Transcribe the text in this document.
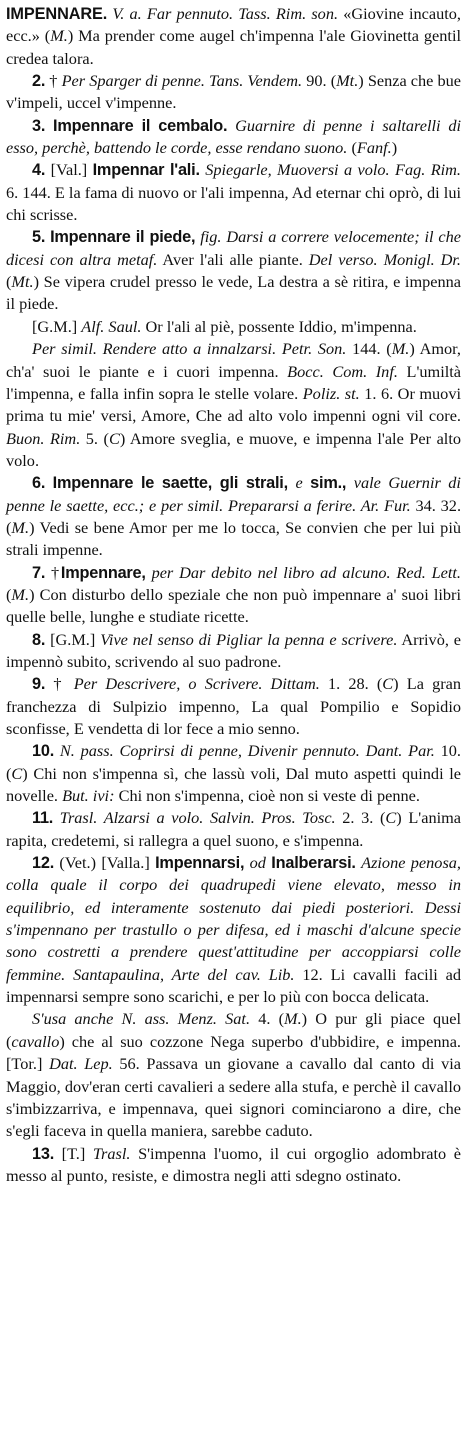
IMPENNARE. V. a. Far pennuto. Tass. Rim. son. «Giovine incauto, ecc.» (M.) Ma prender come augel ch'impenna l'ale Giovinetta gentil credea talora.

2. † Per Sparger di penne. Tans. Vendem. 90. (Mt.) Senza che bue v'impeli, uccel v'impenne.

3. Impennare il cembalo. Guarnire di penne i saltarelli di esso, perchè, battendo le corde, esse rendano suono. (Fanf.)

4. [Val.] Impennar l'ali. Spiegarle, Muoversi a volo. Fag. Rim. 6. 144. E la fama di nuovo or l'ali impenna, Ad eternar chi oprò, di lui chi scrisse.

5. Impennare il piede, fig. Darsi a correre velocemente; il che dicesi con altra metaf. Aver l'ali alle piante. Del verso. Monigl. Dr. (Mt.) Se vipera crudel presso le vede, La destra a sè ritira, e impenna il piede.

[G.M.] Alf. Saul. Or l'ali al piè, possente Iddio, m'impenna.

Per simil. Rendere atto a innalzarsi. Petr. Son. 144. (M.) Amor, ch'a' suoi le piante e i cuori impenna. Bocc. Com. Inf. L'umiltà l'impenna, e falla infin sopra le stelle volare. Poliz. st. 1. 6. Or muovi prima tu mie' versi, Amore, Che ad alto volo impenni ogni vil core. Buon. Rim. 5. (C) Amore sveglia, e muove, e impenna l'ale Per alto volo.

6. Impennare le saette, gli strali, e sim., vale Guernir di penne le saette, ecc.; e per simil. Prepararsi a ferire. Ar. Fur. 34. 32. (M.) Vedi se bene Amor per me lo tocca, Se convien che per lui più strali impenne.

7. †Impennare, per Dar debito nel libro ad alcuno. Red. Lett. (M.) Con disturbo dello speziale che non può impennare a' suoi libri quelle belle, lunghe e studiate ricette.

8. [G.M.] Vive nel senso di Pigliar la penna e scrivere. Arrivò, e impennò subito, scrivendo al suo padrone.

9. † Per Descrivere, o Scrivere. Dittam. 1. 28. (C) La gran franchezza di Sulpizio impenno, La qual Pompilio e Sopidio sconfisse, E vendetta di lor fece a mio senno.

10. N. pass. Coprirsi di penne, Divenir pennuto. Dant. Par. 10. (C) Chi non s'impenna sì, che lassù voli, Dal muto aspetti quindi le novelle. But. ivi: Chi non s'impenna, cioè non si veste di penne.

11. Trasl. Alzarsi a volo. Salvin. Pros. Tosc. 2. 3. (C) L'anima rapita, credetemi, si rallegra a quel suono, e s'impenna.

12. (Vet.) [Valla.] Impennarsi, od Inalberarsi. Azione penosa, colla quale il corpo dei quadrupedi viene elevato, messo in equilibrio, ed interamente sostenuto dai piedi posteriori. Dessi s'impennano per trastullo o per difesa, ed i maschi d'alcune specie sono costretti a prendere quest'attitudine per accoppiarsi colle femmine. Santapaulina, Arte del cav. Lib. 12. Li cavalli facili ad impennarsi sempre sono scarichi, e per lo più con bocca delicata.

S'usa anche N. ass. Menz. Sat. 4. (M.) O pur gli piace quel (cavallo) che al suo cozzone Nega superbo d'ubbidire, e impenna. [Tor.] Dat. Lep. 56. Passava un giovane a cavallo dal canto di via Maggio, dov'eran certi cavalieri a sedere alla stufa, e perchè il cavallo s'imbizzarriva, e impennava, quei signori cominciarono a dire, che s'egli faceva in quella maniera, sarebbe caduto.

13. [T.] Trasl. S'impenna l'uomo, il cui orgoglio adombrato è messo al punto, resiste, e dimostra negli atti sdegno ostinato.
